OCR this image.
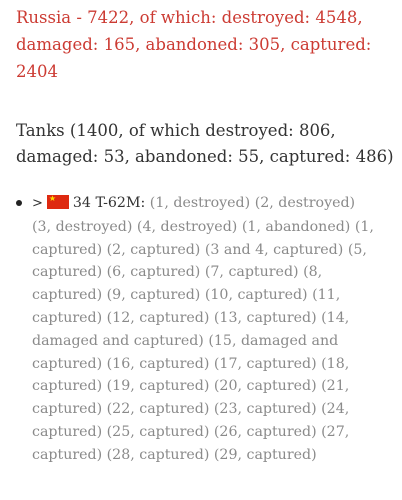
Russia - 7422, of which: destroyed: 4548, damaged: 165, abandoned: 305, captured: 2404

Tanks (1400, of which destroyed: 806, damaged: 53, abandoned: 55, captured: 486)

> ★ 34 T-62M: (1, destroyed) (2, destroyed) (3, destroyed) (4, destroyed) (1, abandoned) (1, captured) (2, captured) (3 and 4, captured) (5, captured) (6, captured) (7, captured) (8, captured) (9, captured) (10, captured) (11, captured) (12, captured) (13, captured) (14, damaged and captured) (15, damaged and captured) (16, captured) (17, captured) (18, captured) (19, captured) (20, captured) (21, captured) (22, captured) (23, captured) (24, captured) (25, captured) (26, captured) (27, captured) (28, captured) (29, captured)
